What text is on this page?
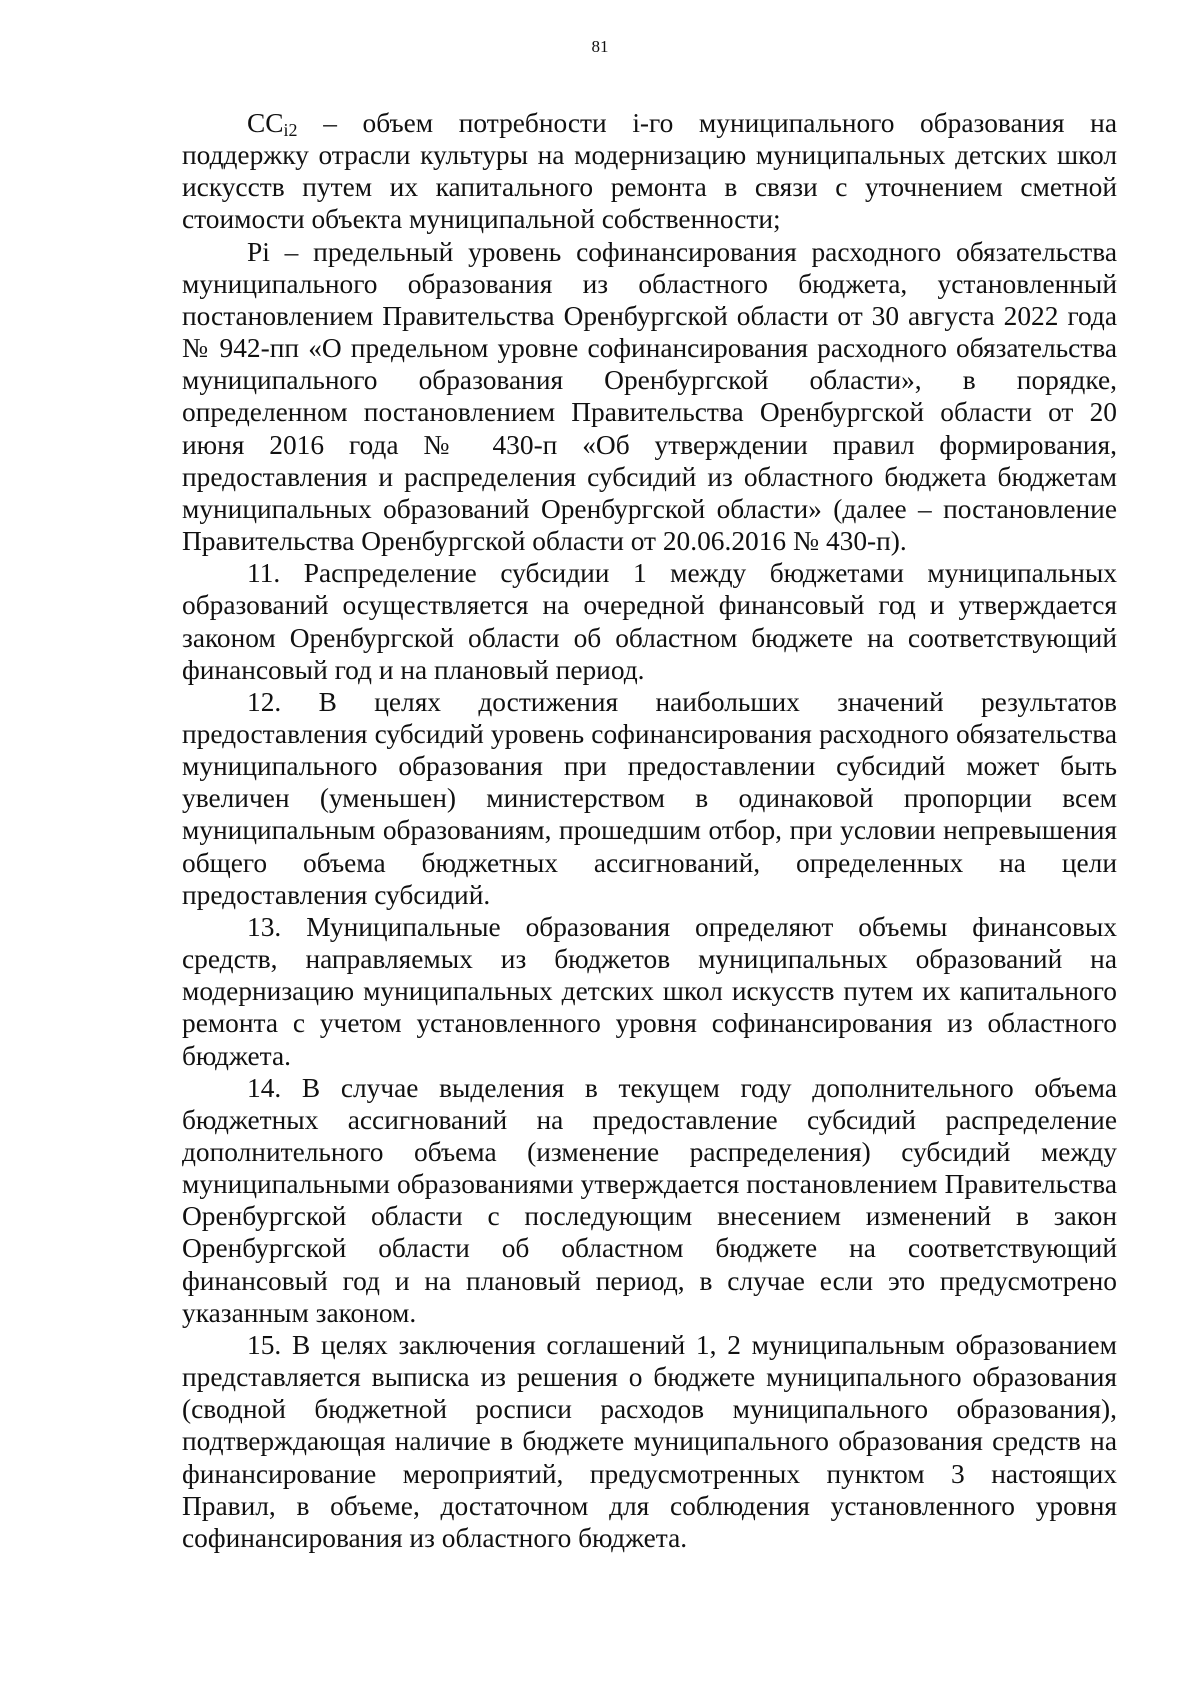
81

CCi2 – объем потребности i-го муниципального образования на поддержку отрасли культуры на модернизацию муниципальных детских школ искусств путем их капитального ремонта в связи с уточнением сметной стоимости объекта муниципальной собственности;

Pi – предельный уровень софинансирования расходного обязательства муниципального образования из областного бюджета, установленный постановлением Правительства Оренбургской области от 30 августа 2022 года № 942-пп «О предельном уровне софинансирования расходного обязательства муниципального образования Оренбургской области», в порядке, определенном постановлением Правительства Оренбургской области от 20 июня 2016 года № 430-п «Об утверждении правил формирования, предоставления и распределения субсидий из областного бюджета бюджетам муниципальных образований Оренбургской области» (далее – постановление Правительства Оренбургской области от 20.06.2016 № 430-п).

11. Распределение субсидии 1 между бюджетами муниципальных образований осуществляется на очередной финансовый год и утверждается законом Оренбургской области об областном бюджете на соответствующий финансовый год и на плановый период.

12. В целях достижения наибольших значений результатов предоставления субсидий уровень софинансирования расходного обязательства муниципального образования при предоставлении субсидий может быть увеличен (уменьшен) министерством в одинаковой пропорции всем муниципальным образованиям, прошедшим отбор, при условии непревышения общего объема бюджетных ассигнований, определенных на цели предоставления субсидий.

13. Муниципальные образования определяют объемы финансовых средств, направляемых из бюджетов муниципальных образований на модернизацию муниципальных детских школ искусств путем их капитального ремонта с учетом установленного уровня софинансирования из областного бюджета.

14. В случае выделения в текущем году дополнительного объема бюджетных ассигнований на предоставление субсидий распределение дополнительного объема (изменение распределения) субсидий между муниципальными образованиями утверждается постановлением Правительства Оренбургской области с последующим внесением изменений в закон Оренбургской области об областном бюджете на соответствующий финансовый год и на плановый период, в случае если это предусмотрено указанным законом.

15. В целях заключения соглашений 1, 2 муниципальным образованием представляется выписка из решения о бюджете муниципального образования (сводной бюджетной росписи расходов муниципального образования), подтверждающая наличие в бюджете муниципального образования средств на финансирование мероприятий, предусмотренных пунктом 3 настоящих Правил, в объеме, достаточном для соблюдения установленного уровня софинансирования из областного бюджета.
